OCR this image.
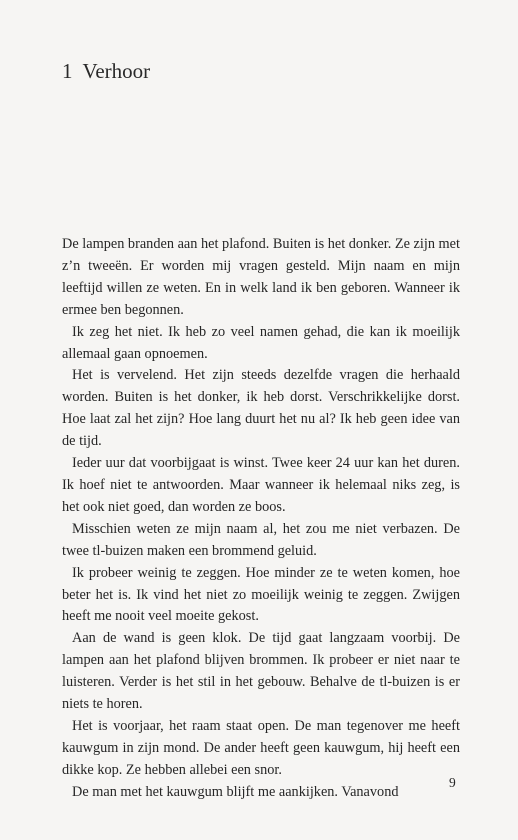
1 Verhoor

De lampen branden aan het plafond. Buiten is het donker. Ze zijn met z’n tweeën. Er worden mij vragen gesteld. Mijn naam en mijn leeftijd willen ze weten. En in welk land ik ben geboren. Wanneer ik ermee ben begonnen.

Ik zeg het niet. Ik heb zo veel namen gehad, die kan ik moeilijk allemaal gaan opnoemen.

Het is vervelend. Het zijn steeds dezelfde vragen die herhaald worden. Buiten is het donker, ik heb dorst. Verschrikkelijke dorst. Hoe laat zal het zijn? Hoe lang duurt het nu al? Ik heb geen idee van de tijd.

Ieder uur dat voorbijgaat is winst. Twee keer 24 uur kan het duren. Ik hoef niet te antwoorden. Maar wanneer ik helemaal niks zeg, is het ook niet goed, dan worden ze boos.

Misschien weten ze mijn naam al, het zou me niet verbazen. De twee tl-buizen maken een brommend geluid.

Ik probeer weinig te zeggen. Hoe minder ze te weten komen, hoe beter het is. Ik vind het niet zo moeilijk weinig te zeggen. Zwijgen heeft me nooit veel moeite gekost.

Aan de wand is geen klok. De tijd gaat langzaam voorbij. De lampen aan het plafond blijven brommen. Ik probeer er niet naar te luisteren. Verder is het stil in het gebouw. Behalve de tl-buizen is er niets te horen.

Het is voorjaar, het raam staat open. De man tegenover me heeft kauwgum in zijn mond. De ander heeft geen kauwgum, hij heeft een dikke kop. Ze hebben allebei een snor.

De man met het kauwgum blijft me aankijken. Vanavond

9
